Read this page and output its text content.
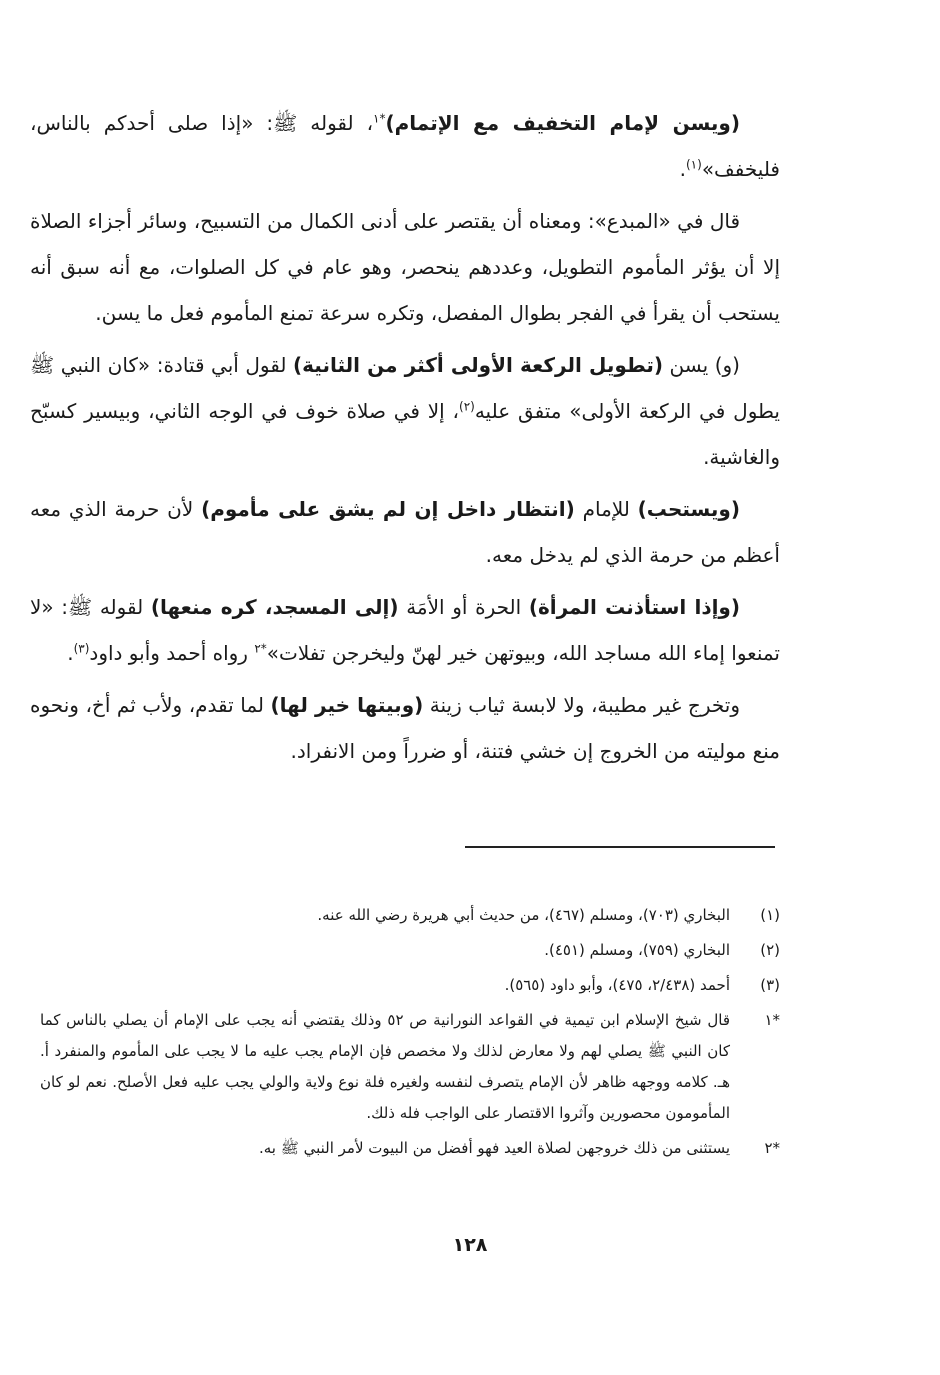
(ويسن لإمام التخفيف مع الإتمام)$^{*١}$، لقوله ﷺ: «إذا صلى أحدكم بالناس، فليخفف»$^{(١)}$.

قال في «المبدع»: ومعناه أن يقتصر على أدنى الكمال من التسبيح، وسائر أجزاء الصلاة إلا أن يؤثر المأموم التطويل، وعددهم ينحصر، وهو عام في كل الصلوات، مع أنه سبق أنه يستحب أن يقرأ في الفجر بطوال المفصل، وتكره سرعة تمنع المأموم فعل ما يسن.

(و) يسن (تطويل الركعة الأولى أكثر من الثانية) لقول أبي قتادة: «كان النبي ﷺ يطول في الركعة الأولى» متفق عليه$^{(٢)}$، إلا في صلاة خوف في الوجه الثاني، وبيسير كسبّح والغاشية.

(ويستحب) للإمام (انتظار داخل إن لم يشق على مأموم) لأن حرمة الذي معه أعظم من حرمة الذي لم يدخل معه.

(وإذا استأذنت المرأة) الحرة أو الأمَة (إلى المسجد، كره منعها) لقوله ﷺ: «لا تمنعوا إماء الله مساجد الله، وبيوتهن خير لهنّ وليخرجن تفلات»$^{*٢}$ رواه أحمد وأبو داود$^{(٣)}$.

وتخرج غير مطيبة، ولا لابسة ثياب زينة (وبيتها خير لها) لما تقدم، ولأب ثم أخ، ونحوه منع موليته من الخروج إن خشي فتنة، أو ضرراً ومن الانفراد.

(١)
البخاري (٧٠٣)، ومسلم (٤٦٧)، من حديث أبي هريرة رضي الله عنه.
(٢)
البخاري (٧٥٩)، ومسلم (٤٥١).
(٣)
أحمد (٢/٤٣٨، ٤٧٥)، وأبو داود (٥٦٥).
*١
قال شيخ الإسلام ابن تيمية في القواعد النورانية ص ٥٢ وذلك يقتضي أنه يجب على الإمام أن يصلي بالناس كما كان النبي ﷺ يصلي لهم ولا معارض لذلك ولا مخصص فإن الإمام يجب عليه ما لا يجب على المأموم والمنفرد أ. هـ. كلامه ووجهه ظاهر لأن الإمام يتصرف لنفسه ولغيره فلة نوع ولاية والولي يجب عليه فعل الأصلح. نعم لو كان المأمومون محصورين وآثروا الاقتصار على الواجب فله ذلك.
*٢
يستثنى من ذلك خروجهن لصلاة العيد فهو أفضل من البيوت لأمر النبي ﷺ به.
١٢٨
